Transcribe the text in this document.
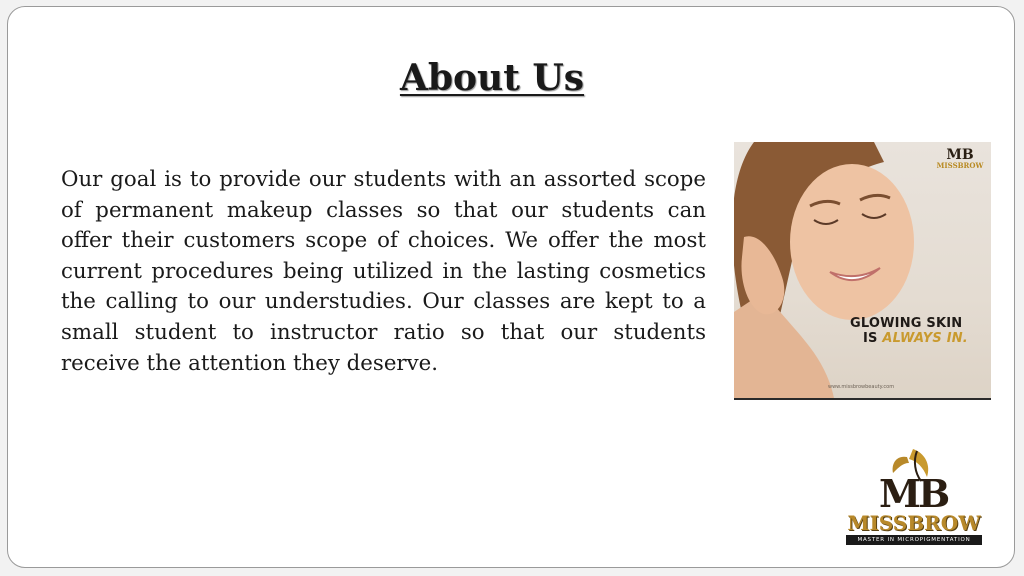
About Us

Our goal is to provide our students with an assorted scope of permanent makeup classes so that our students can offer their customers scope of choices. We offer the most current procedures being utilized in the lasting cosmetics the calling to our understudies. Our classes are kept to a small student to instructor ratio so that our students receive the attention they deserve.

MB
MISSBROW
GLOWING SKIN
IS ALWAYS IN.
www.missbrowbeauty.com
MB
MISSBROW
MASTER IN MICROPIGMENTATION
